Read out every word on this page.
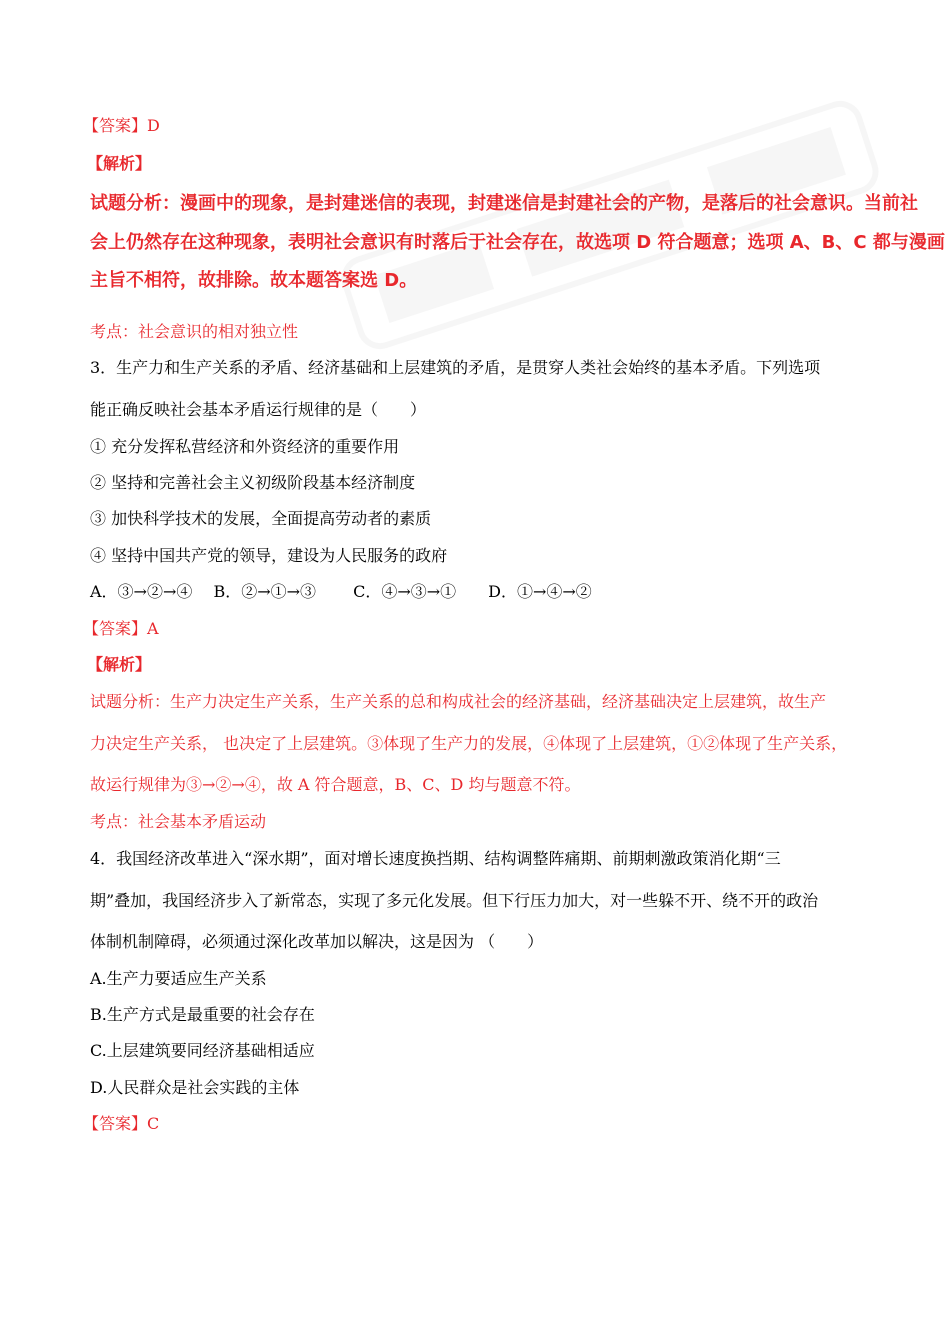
【答案】D
【解析】
试题分析：漫画中的现象，是封建迷信的表现，封建迷信是封建社会的产物，是落后的社会意识。当前社
会上仍然存在这种现象，表明社会意识有时落后于社会存在，故选项 D 符合题意；选项 A、B、C 都与漫画
主旨不相符，故排除。故本题答案选 D。
考点：社会意识的相对独立性
3．生产力和生产关系的矛盾、经济基础和上层建筑的矛盾，是贯穿人类社会始终的基本矛盾。下列选项
能正确反映社会基本矛盾运行规律的是（　　）
① 充分发挥私营经济和外资经济的重要作用
② 坚持和完善社会主义初级阶段基本经济制度
③ 加快科学技术的发展，全面提高劳动者的素质
④ 坚持中国共产党的领导，建设为人民服务的政府
A．③→②→④　 B．②→①→③　　 C．④→③→①　　D．①→④→②
【答案】A
【解析】
试题分析：生产力决定生产关系，生产关系的总和构成社会的经济基础，经济基础决定上层建筑，故生产
力决定生产关系， 也决定了上层建筑。③体现了生产力的发展，④体现了上层建筑，①②体现了生产关系，
故运行规律为③→②→④，故 A 符合题意，B、C、D 均与题意不符。
考点：社会基本矛盾运动
4．我国经济改革进入“深水期”，面对增长速度换挡期、结构调整阵痛期、前期刺激政策消化期“三
期”叠加，我国经济步入了新常态，实现了多元化发展。但下行压力加大，对一些躲不开、绕不开的政治
体制机制障碍，必须通过深化改革加以解决，这是因为 （　　）
A.生产力要适应生产关系
B.生产方式是最重要的社会存在
C.上层建筑要同经济基础相适应
D.人民群众是社会实践的主体
【答案】C
